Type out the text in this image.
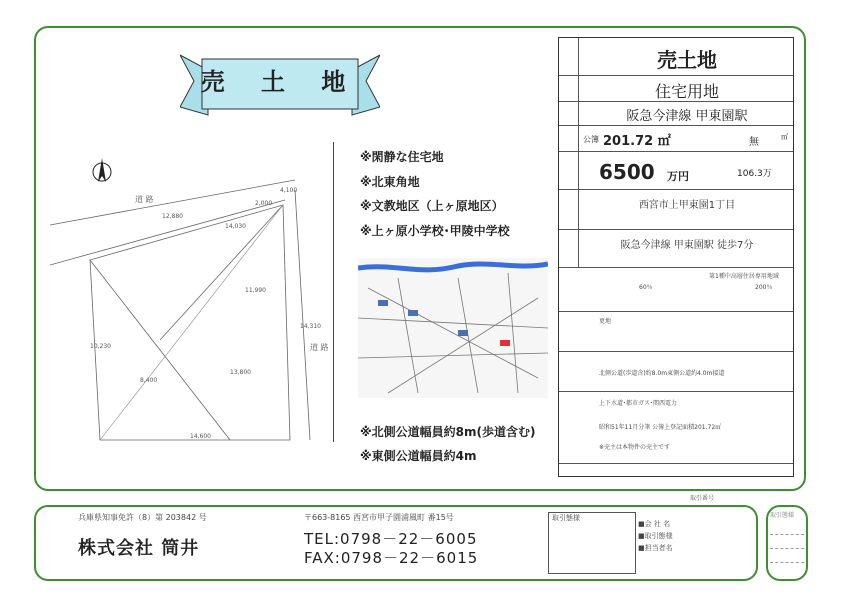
売 土 地
道 路
道 路
4,100
12,880
2,000
14,030
11,990
10,230
14,310
8,400
13,800
14,600
※閑静な住宅地
※北東角地
※文教地区（上ヶ原地区）
※上ヶ原小学校･甲陵中学校
※北側公道幅員約8m(歩道含む)
※東側公道幅員約4m
売土地
住宅用地
阪急今津線 甲東園駅
公簿 201.72 ㎡	無	㎡
6500 万円	106.3万
西宮市上甲東園1丁目
阪急今津線 甲東園駅 徒歩7分
60％	200％
第1種中高層住居専用地域
更地
北側公道(歩道含)約8.0m東側公道約4.0m接道
上下水道･都市ガス･関西電力
昭和51年11月分筆 公簿上登記面積201.72㎡
※売主は本物件の売主です
取引番号
兵庫県知事免許（8）第 203842 号
株式会社 筒井
〒663-8165 西宮市甲子園浦風町 番15号
TEL:0798－22－6005
FAX:0798－22－6015
取引態様
■会 社 名
■取引態様
■担当者名
取引態様
